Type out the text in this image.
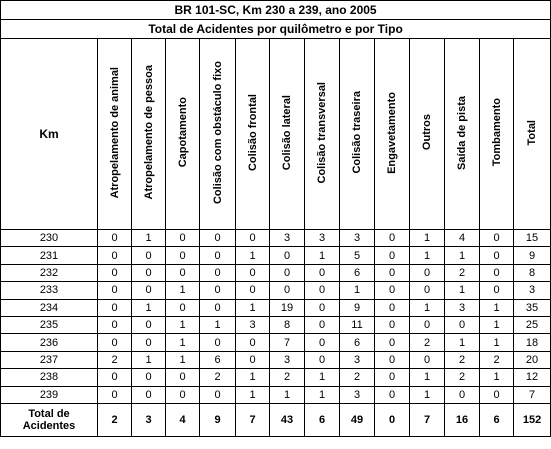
BR 101-SC, Km 230 a 239, ano 2005													
Total de Acidentes por quilômetro e por Tipo													
Km	Atropelamento de animal	Atropelamento de pessoa	Capotamento	Colisão com obstáculo fixo	Colisão frontal	Colisão lateral	Colisão transversal	Colisão traseira	Engavetamento	Outros	Saída de pista	Tombamento	Total
230	0	1	0	0	0	3	3	3	0	1	4	0	15
231	0	0	0	0	1	0	1	5	0	1	1	0	9
232	0	0	0	0	0	0	0	6	0	0	2	0	8
233	0	0	1	0	0	0	0	1	0	0	1	0	3
234	0	1	0	0	1	19	0	9	0	1	3	1	35
235	0	0	1	1	3	8	0	11	0	0	0	1	25
236	0	0	1	0	0	7	0	6	0	2	1	1	18
237	2	1	1	6	0	3	0	3	0	0	2	2	20
238	0	0	0	2	1	2	1	2	0	1	2	1	12
239	0	0	0	0	1	1	1	3	0	1	0	0	7
Total de
Acidentes	2	3	4	9	7	43	6	49	0	7	16	6	152
